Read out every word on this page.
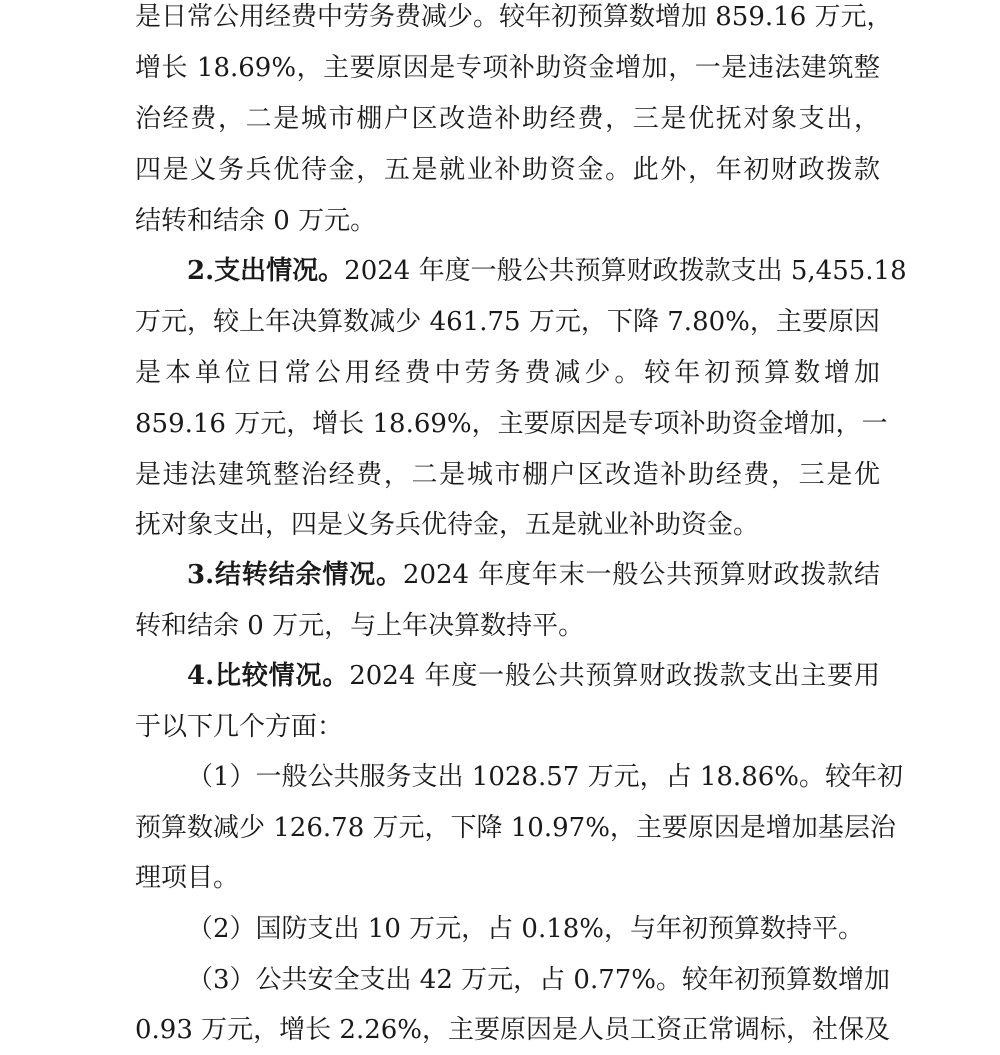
是日常公用经费中劳务费减少。较年初预算数增加 859.16 万元，
增长 18.69%，主要原因是专项补助资金增加，一是违法建筑整
治经费，二是城市棚户区改造补助经费，三是优抚对象支出，
四是义务兵优待金，五是就业补助资金。此外，年初财政拨款
结转和结余 0 万元。
2.支出情况。2024 年度一般公共预算财政拨款支出 5,455.18
万元，较上年决算数减少 461.75 万元，下降 7.80%，主要原因
是本单位日常公用经费中劳务费减少。较年初预算数增加
859.16 万元，增长 18.69%，主要原因是专项补助资金增加，一
是违法建筑整治经费，二是城市棚户区改造补助经费，三是优
抚对象支出，四是义务兵优待金，五是就业补助资金。
3.结转结余情况。2024 年度年末一般公共预算财政拨款结
转和结余 0 万元，与上年决算数持平。
4.比较情况。2024 年度一般公共预算财政拨款支出主要用
于以下几个方面：
（1）一般公共服务支出 1028.57 万元，占 18.86%。较年初
预算数减少 126.78 万元，下降 10.97%，主要原因是增加基层治
理项目。
（2）国防支出 10 万元，占 0.18%，与年初预算数持平。
（3）公共安全支出 42 万元，占 0.77%。较年初预算数增加
0.93 万元，增长 2.26%，主要原因是人员工资正常调标，社保及
